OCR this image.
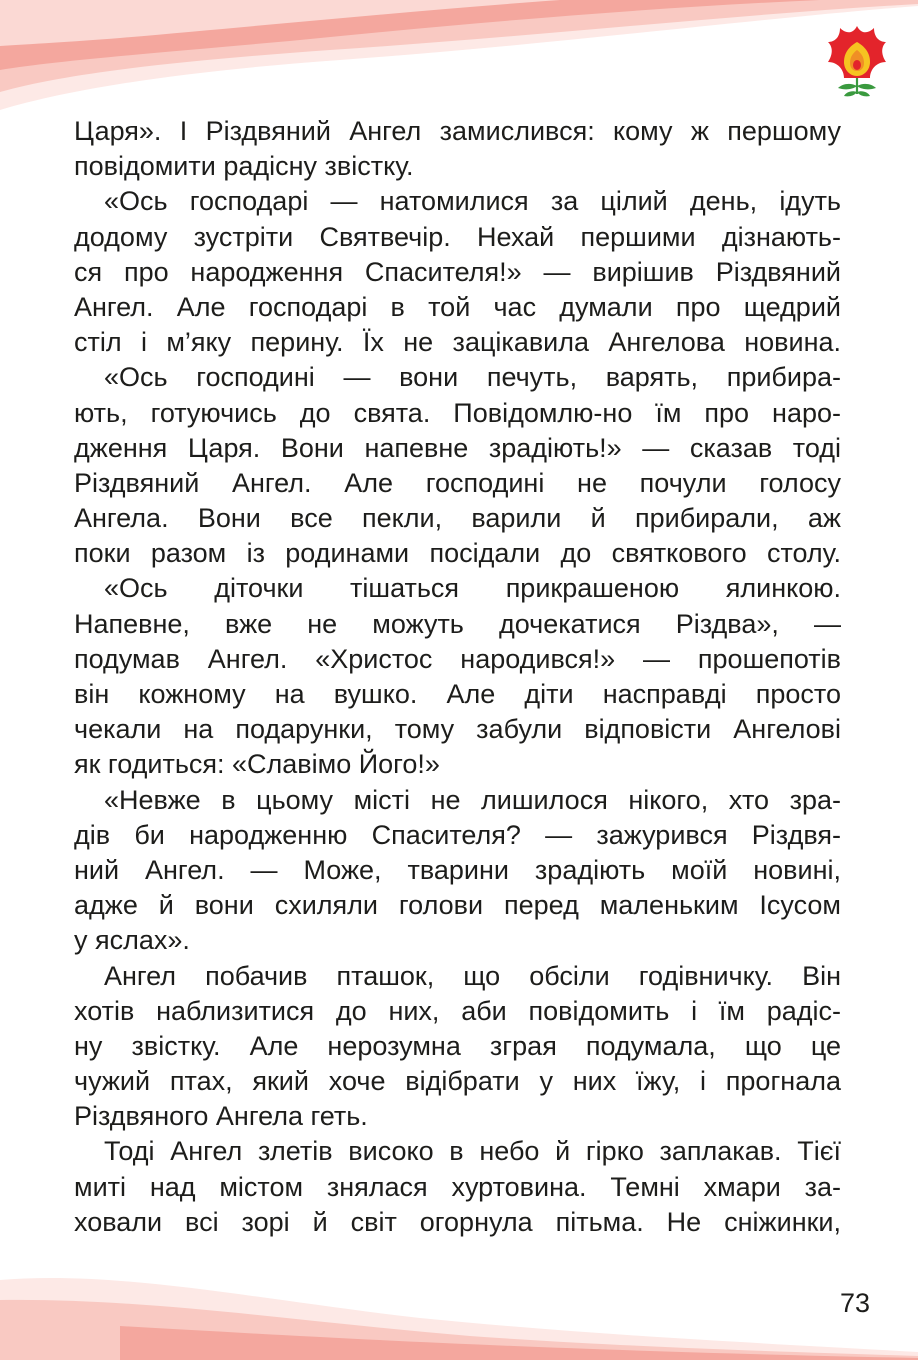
Царя». І Різдвяний Ангел замислився: кому ж першому
повідомити радісну звістку.
«Ось господарі — натомилися за цілий день, ідуть
додому зустріти Святвечір. Нехай першими дізнають-
ся про народження Спасителя!» — вирішив Різдвяний
Ангел. Але господарі в той час думали про щедрий
стіл і м’яку перину. Їх не зацікавила Ангелова новина.
«Ось господині — вони печуть, варять, прибира-
ють, готуючись до свята. Повідомлю-но їм про наро-
дження Царя. Вони напевне зрадіють!» — сказав тоді
Різдвяний Ангел. Але господині не почули голосу
Ангела. Вони все пекли, варили й прибирали, аж
поки разом із родинами посідали до святкового столу.
«Ось діточки тішаться прикрашеною ялинкою.
Напевне, вже не можуть дочекатися Різдва», —
подумав Ангел. «Христос народився!» — прошепотів
він кожному на вушко. Але діти насправді просто
чекали на подарунки, тому забули відповісти Ангелові
як годиться: «Славімо Його!»
«Невже в цьому місті не лишилося нікого, хто зра-
дів би народженню Спасителя? — зажурився Різдвя-
ний Ангел. — Може, тварини зрадіють моїй новині,
адже й вони схиляли голови перед маленьким Ісусом
у яслах».
Ангел побачив пташок, що обсіли годівничку. Він
хотів наблизитися до них, аби повідомить і їм радіс-
ну звістку. Але нерозумна зграя подумала, що це
чужий птах, який хоче відібрати у них їжу, і прогнала
Різдвяного Ангела геть.
Тоді Ангел злетів високо в небо й гірко заплакав. Тієї
миті над містом знялася хуртовина. Темні хмари за-
ховали всі зорі й світ огорнула пітьма. Не сніжинки,
73
